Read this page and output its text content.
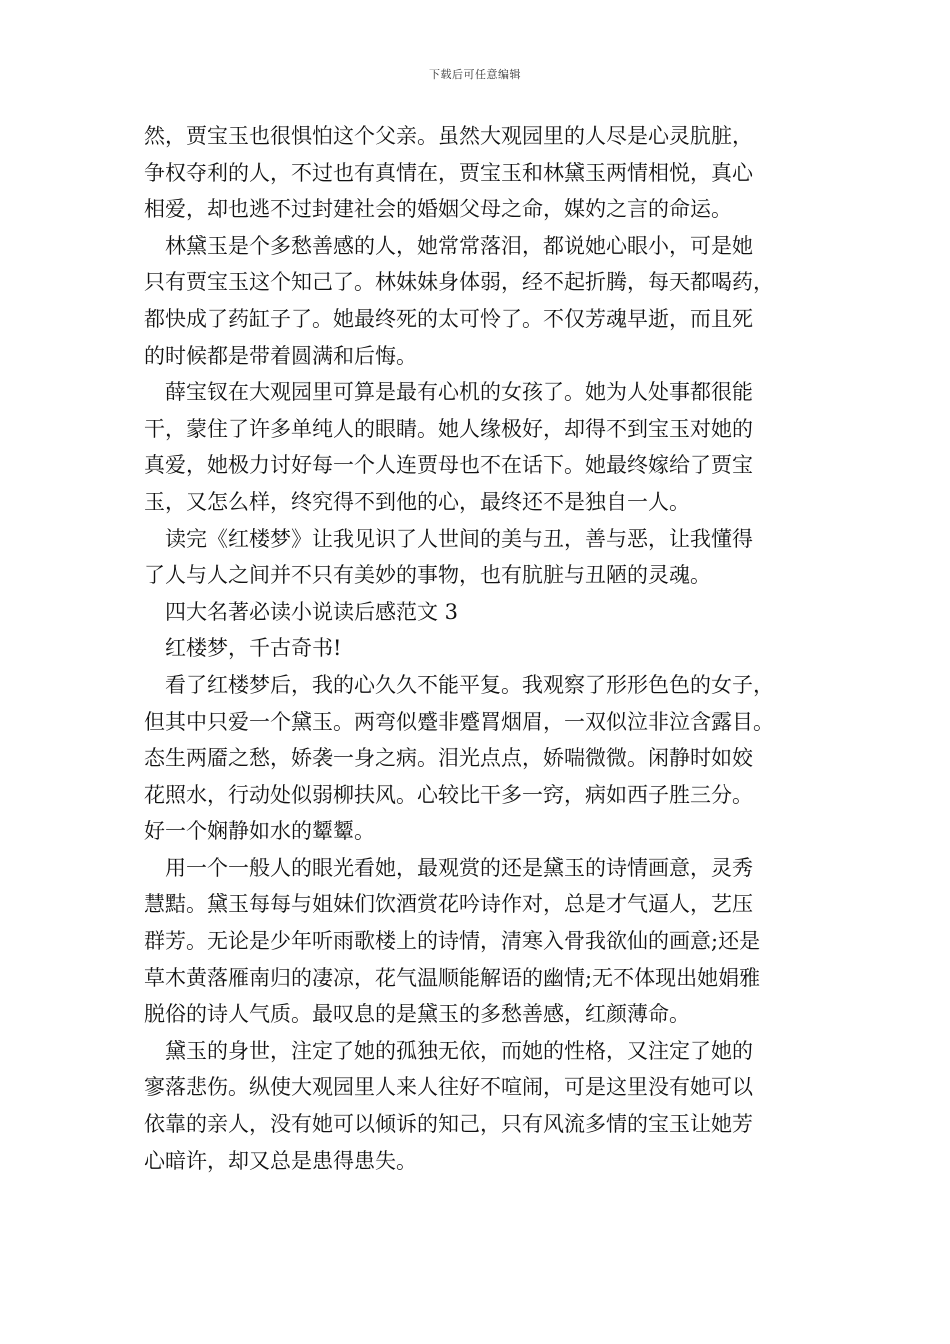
下载后可任意编辑
然，贾宝玉也很惧怕这个父亲。虽然大观园里的人尽是心灵肮脏，
争权夺利的人，不过也有真情在，贾宝玉和林黛玉两情相悦，真心
相爱，却也逃不过封建社会的婚姻父母之命，媒妁之言的命运。
林黛玉是个多愁善感的人，她常常落泪，都说她心眼小，可是她
只有贾宝玉这个知己了。林妹妹身体弱，经不起折腾，每天都喝药，
都快成了药缸子了。她最终死的太可怜了。不仅芳魂早逝，而且死
的时候都是带着圆满和后悔。
薛宝钗在大观园里可算是最有心机的女孩了。她为人处事都很能
干，蒙住了许多单纯人的眼睛。她人缘极好，却得不到宝玉对她的
真爱，她极力讨好每一个人连贾母也不在话下。她最终嫁给了贾宝
玉，又怎么样，终究得不到他的心，最终还不是独自一人。
读完《红楼梦》让我见识了人世间的美与丑，善与恶，让我懂得
了人与人之间并不只有美妙的事物，也有肮脏与丑陋的灵魂。
四大名著必读小说读后感范文 3
红楼梦，千古奇书!
看了红楼梦后，我的心久久不能平复。我观察了形形色色的女子，
但其中只爱一个黛玉。两弯似蹙非蹙罥烟眉，一双似泣非泣含露目。
态生两靥之愁，娇袭一身之病。泪光点点，娇喘微微。闲静时如姣
花照水，行动处似弱柳扶风。心较比干多一窍，病如西子胜三分。
好一个娴静如水的颦颦。
用一个一般人的眼光看她，最观赏的还是黛玉的诗情画意，灵秀
慧黠。黛玉每每与姐妹们饮酒赏花吟诗作对，总是才气逼人，艺压
群芳。无论是少年听雨歌楼上的诗情，清寒入骨我欲仙的画意;还是
草木黄落雁南归的凄凉，花气温顺能解语的幽情;无不体现出她娟雅
脱俗的诗人气质。最叹息的是黛玉的多愁善感，红颜薄命。
黛玉的身世，注定了她的孤独无依，而她的性格，又注定了她的
寥落悲伤。纵使大观园里人来人往好不喧闹，可是这里没有她可以
依靠的亲人，没有她可以倾诉的知己，只有风流多情的宝玉让她芳
心暗许，却又总是患得患失。
